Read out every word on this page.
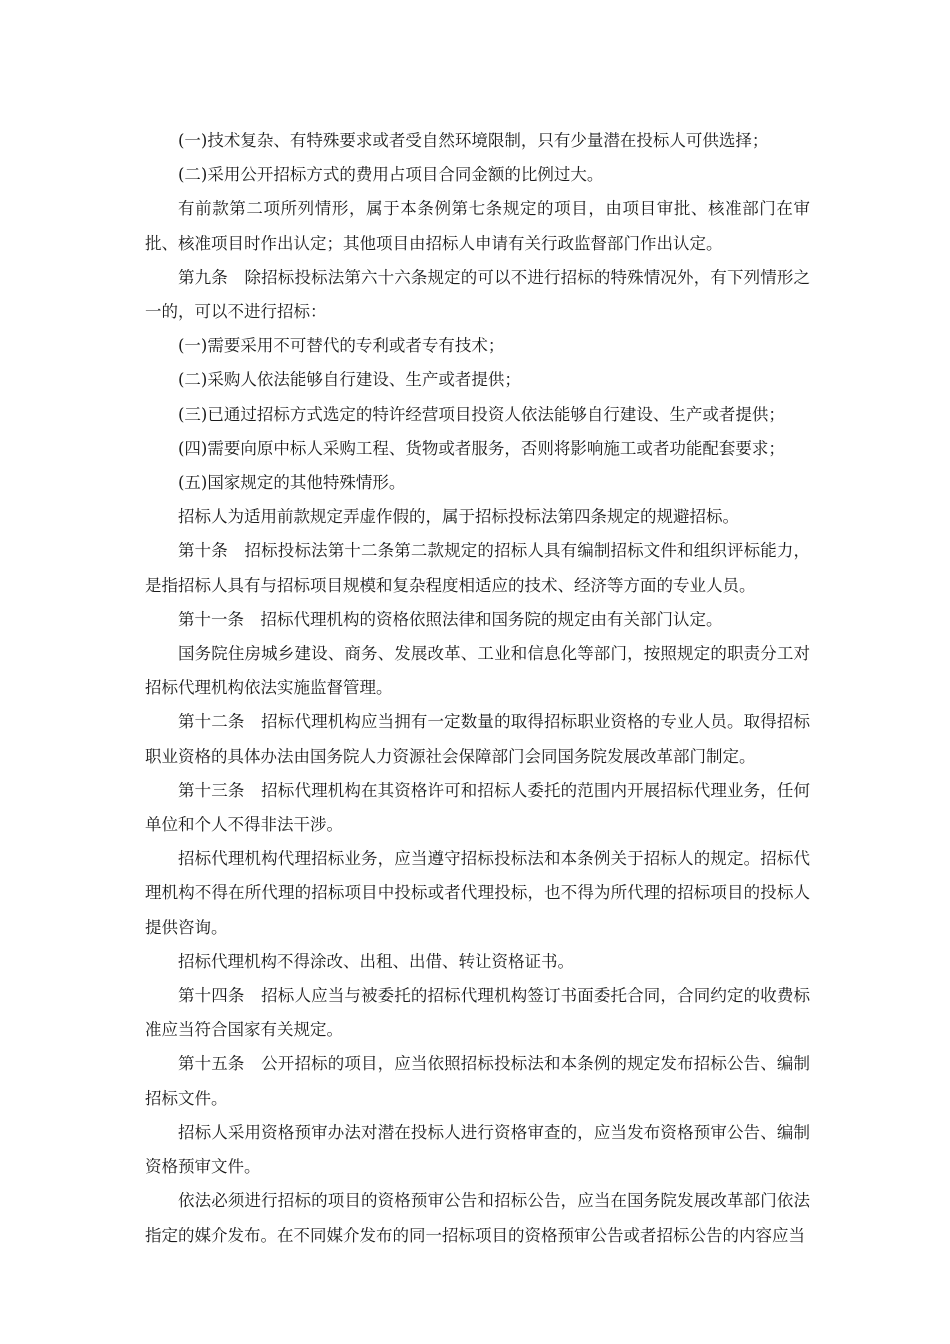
(一)技术复杂、有特殊要求或者受自然环境限制，只有少量潜在投标人可供选择；

(二)采用公开招标方式的费用占项目合同金额的比例过大。

有前款第二项所列情形，属于本条例第七条规定的项目，由项目审批、核准部门在审批、核准项目时作出认定；其他项目由招标人申请有关行政监督部门作出认定。

第九条　除招标投标法第六十六条规定的可以不进行招标的特殊情况外，有下列情形之一的，可以不进行招标：

(一)需要采用不可替代的专利或者专有技术；

(二)采购人依法能够自行建设、生产或者提供；

(三)已通过招标方式选定的特许经营项目投资人依法能够自行建设、生产或者提供；

(四)需要向原中标人采购工程、货物或者服务，否则将影响施工或者功能配套要求；

(五)国家规定的其他特殊情形。

招标人为适用前款规定弄虚作假的，属于招标投标法第四条规定的规避招标。

第十条　招标投标法第十二条第二款规定的招标人具有编制招标文件和组织评标能力，是指招标人具有与招标项目规模和复杂程度相适应的技术、经济等方面的专业人员。

第十一条　招标代理机构的资格依照法律和国务院的规定由有关部门认定。

国务院住房城乡建设、商务、发展改革、工业和信息化等部门，按照规定的职责分工对招标代理机构依法实施监督管理。

第十二条　招标代理机构应当拥有一定数量的取得招标职业资格的专业人员。取得招标职业资格的具体办法由国务院人力资源社会保障部门会同国务院发展改革部门制定。

第十三条　招标代理机构在其资格许可和招标人委托的范围内开展招标代理业务，任何单位和个人不得非法干涉。

招标代理机构代理招标业务，应当遵守招标投标法和本条例关于招标人的规定。招标代理机构不得在所代理的招标项目中投标或者代理投标，也不得为所代理的招标项目的投标人提供咨询。

招标代理机构不得涂改、出租、出借、转让资格证书。

第十四条　招标人应当与被委托的招标代理机构签订书面委托合同，合同约定的收费标准应当符合国家有关规定。

第十五条　公开招标的项目，应当依照招标投标法和本条例的规定发布招标公告、编制招标文件。

招标人采用资格预审办法对潜在投标人进行资格审查的，应当发布资格预审公告、编制资格预审文件。

依法必须进行招标的项目的资格预审公告和招标公告，应当在国务院发展改革部门依法指定的媒介发布。在不同媒介发布的同一招标项目的资格预审公告或者招标公告的内容应当
